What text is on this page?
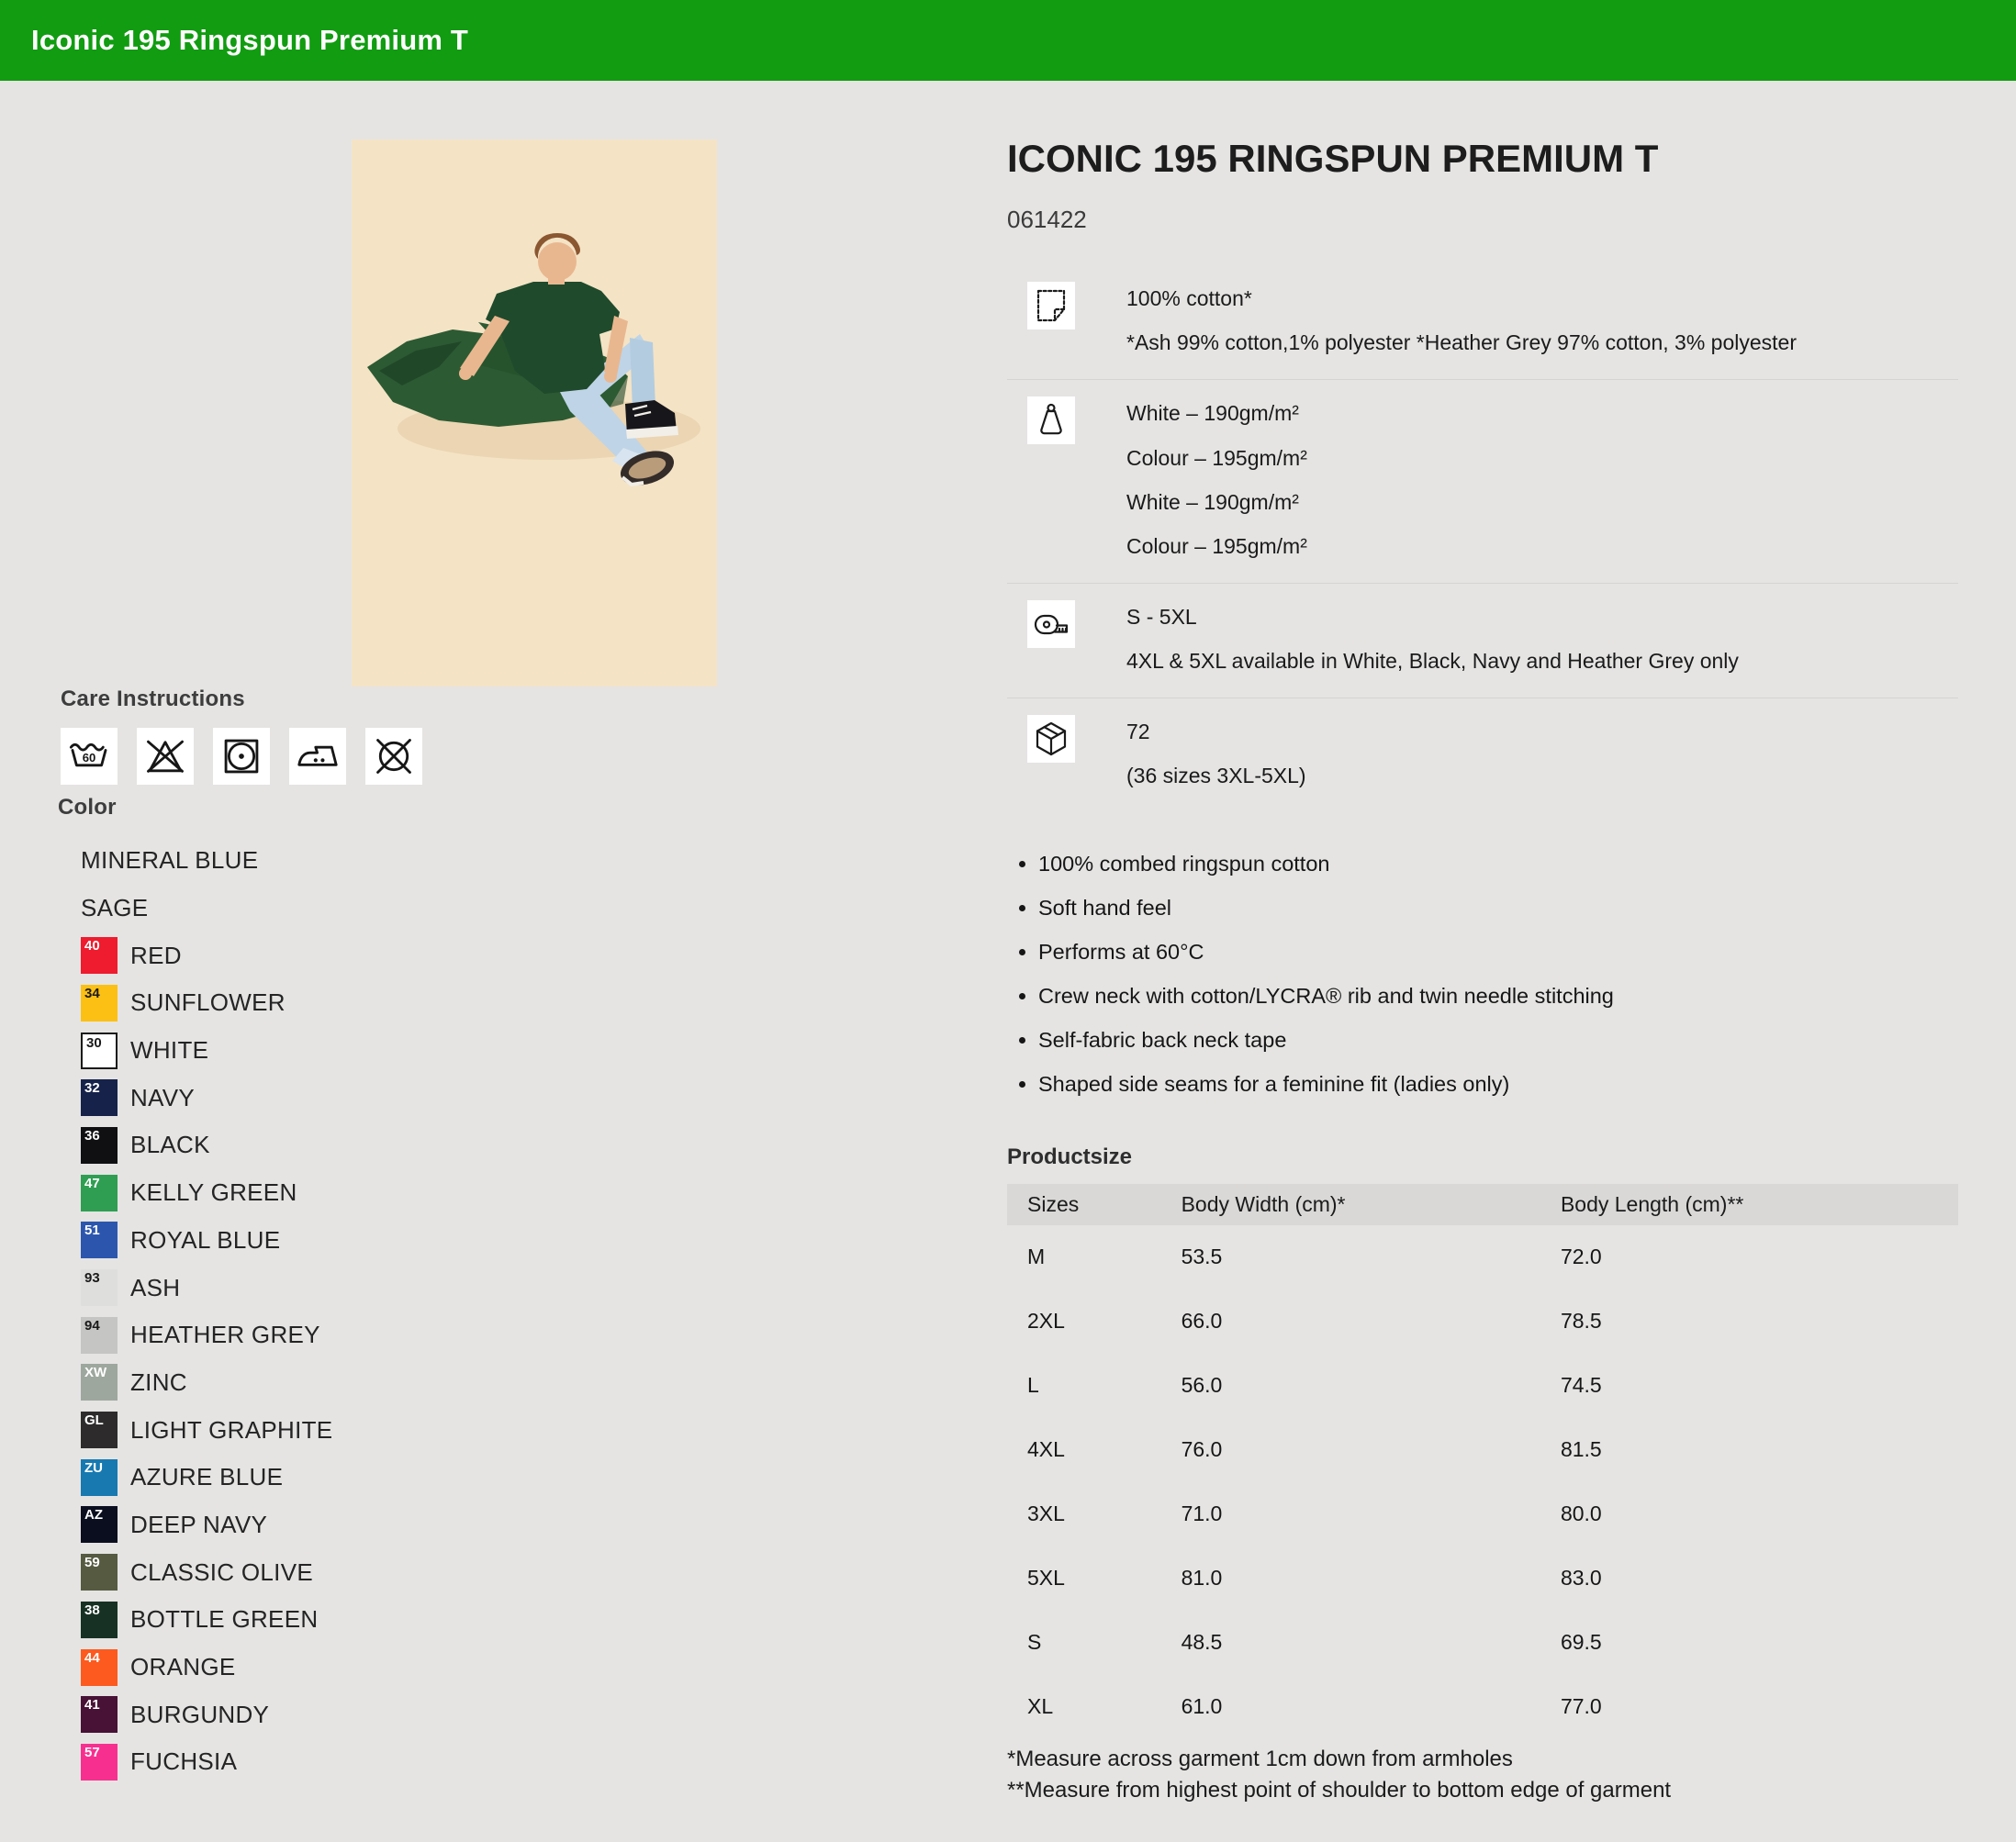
Iconic 195 Ringspun Premium T
Care Instructions
60
Color
MINERAL BLUE
SAGE
40 RED
34 SUNFLOWER
30 WHITE
32 NAVY
36 BLACK
47 KELLY GREEN
51 ROYAL BLUE
93 ASH
94 HEATHER GREY
XW ZINC
GL LIGHT GRAPHITE
ZU AZURE BLUE
AZ DEEP NAVY
59 CLASSIC OLIVE
38 BOTTLE GREEN
44 ORANGE
41 BURGUNDY
57 FUCHSIA
ICONIC 195 RINGSPUN PREMIUM T
061422
100% cotton*
*Ash 99% cotton,1% polyester *Heather Grey 97% cotton, 3% polyester
White – 190gm/m²
Colour – 195gm/m²
White – 190gm/m²
Colour – 195gm/m²
S - 5XL
4XL & 5XL available in White, Black, Navy and Heather Grey only
72
(36 sizes 3XL-5XL)
• 100% combed ringspun cotton
• Soft hand feel
• Performs at 60°C
• Crew neck with cotton/LYCRA® rib and twin needle stitching
• Self-fabric back neck tape
• Shaped side seams for a feminine fit (ladies only)
Productsize
Sizes	Body Width (cm)*	Body Length (cm)**
M	53.5	72.0
2XL	66.0	78.5
L	56.0	74.5
4XL	76.0	81.5
3XL	71.0	80.0
5XL	81.0	83.0
S	48.5	69.5
XL	61.0	77.0
*Measure across garment 1cm down from armholes
**Measure from highest point of shoulder to bottom edge of garment
